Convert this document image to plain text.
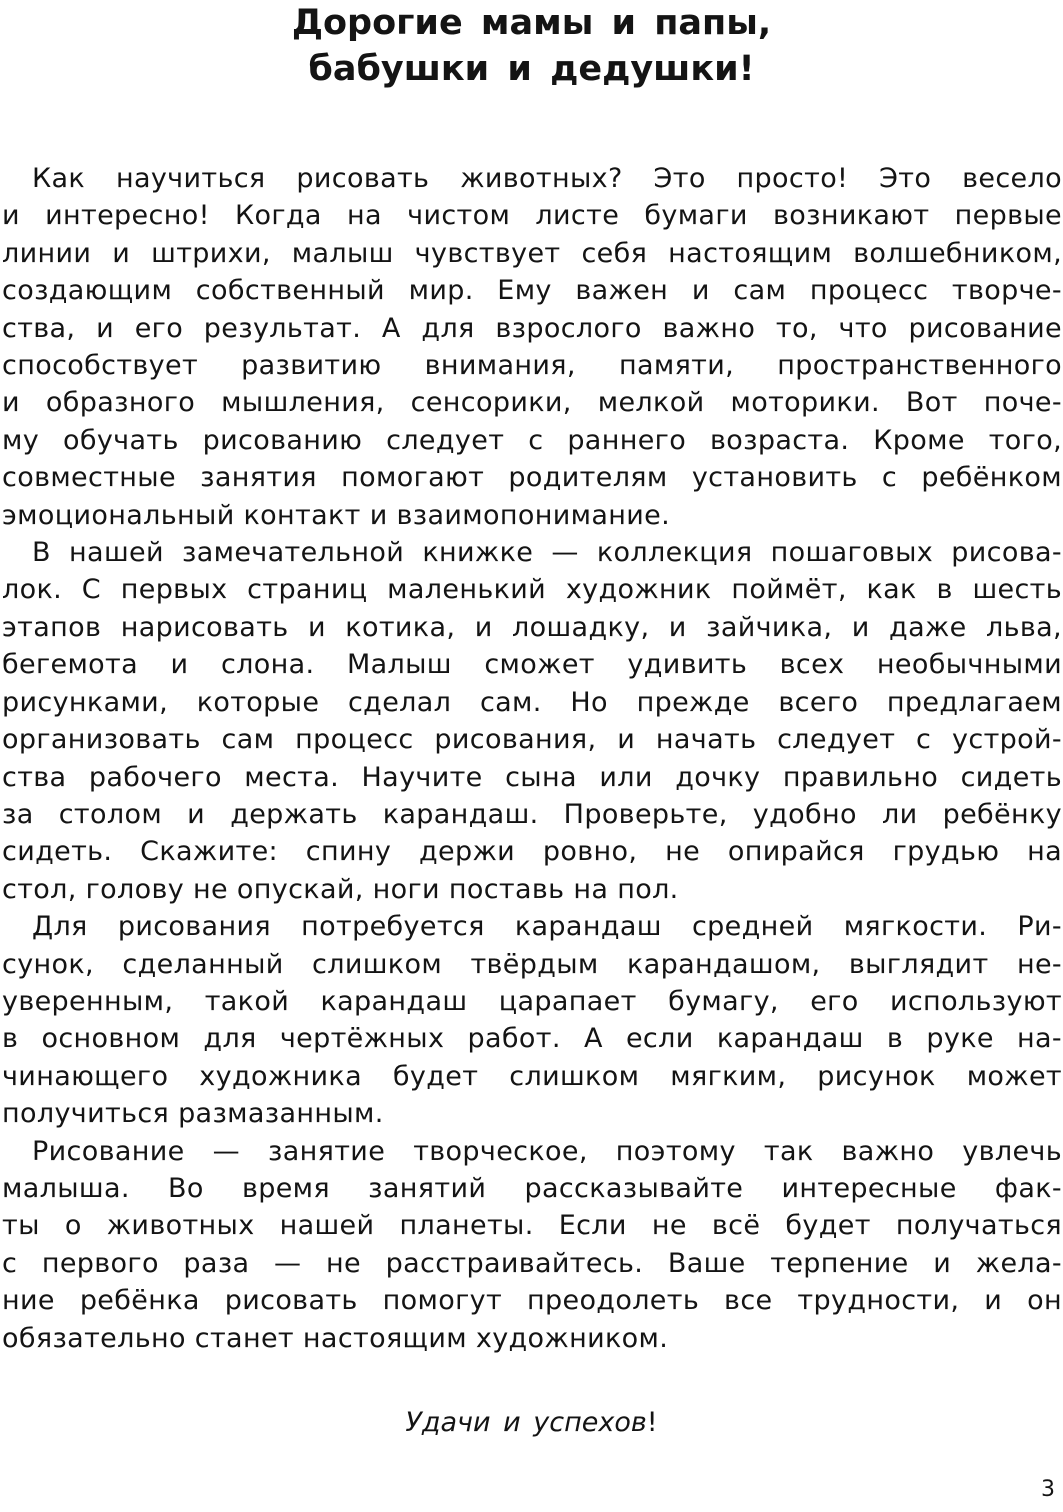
Дорогие мамы и папы,
бабушки и дедушки!
Как научиться рисовать животных? Это просто! Это весело
и интересно! Когда на чистом листе бумаги возникают первые
линии и штрихи, малыш чувствует себя настоящим волшебником,
создающим собственный мир. Ему важен и сам процесс творче-
ства, и его результат. А для взрослого важно то, что рисование
способствует развитию внимания, памяти, пространственного
и образного мышления, сенсорики, мелкой моторики. Вот поче-
му обучать рисованию следует с раннего возраста. Кроме того,
совместные занятия помогают родителям установить с ребёнком
эмоциональный контакт и взаимопонимание.
В нашей замечательной книжке — коллекция пошаговых рисова-
лок. С первых страниц маленький художник поймёт, как в шесть
этапов нарисовать и котика, и лошадку, и зайчика, и даже льва,
бегемота и слона. Малыш сможет удивить всех необычными
рисунками, которые сделал сам. Но прежде всего предлагаем
организовать сам процесс рисования, и начать следует с устрой-
ства рабочего места. Научите сына или дочку правильно сидеть
за столом и держать карандаш. Проверьте, удобно ли ребёнку
сидеть. Скажите: спину держи ровно, не опирайся грудью на
стол, голову не опускай, ноги поставь на пол.
Для рисования потребуется карандаш средней мягкости. Ри-
сунок, сделанный слишком твёрдым карандашом, выглядит не-
уверенным, такой карандаш царапает бумагу, его используют
в основном для чертёжных работ. А если карандаш в руке на-
чинающего художника будет слишком мягким, рисунок может
получиться размазанным.
Рисование — занятие творческое, поэтому так важно увлечь
малыша. Во время занятий рассказывайте интересные фак-
ты о животных нашей планеты. Если не всё будет получаться
с первого раза — не расстраивайтесь. Ваше терпение и жела-
ние ребёнка рисовать помогут преодолеть все трудности, и он
обязательно станет настоящим художником.
Удачи и успехов!
3
